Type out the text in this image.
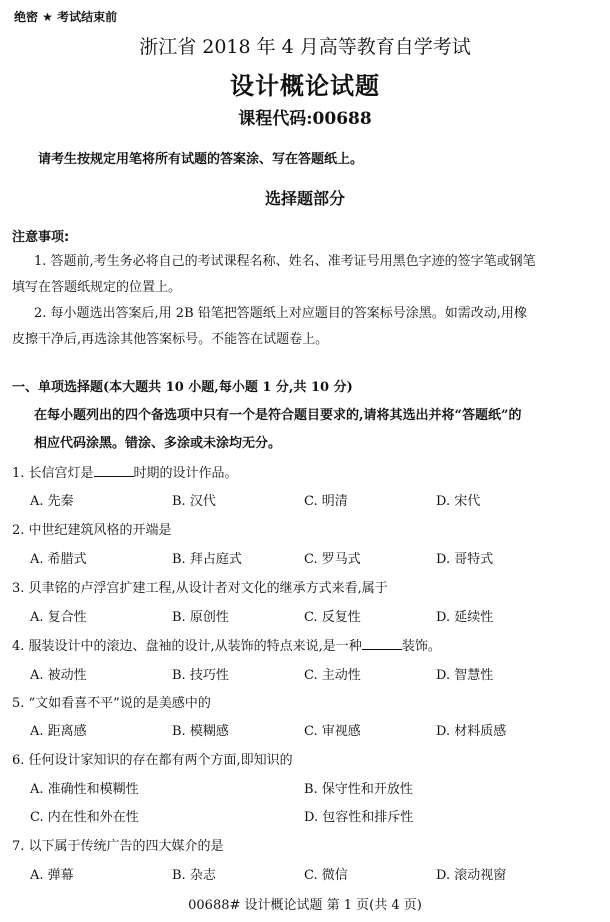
绝密 ★ 考试结束前
浙江省 2018 年 4 月高等教育自学考试
设计概论试题
课程代码:00688
请考生按规定用笔将所有试题的答案涂、写在答题纸上。
选择题部分
注意事项:
1. 答题前,考生务必将自己的考试课程名称、姓名、准考证号用黑色字迹的签字笔或钢笔
填写在答题纸规定的位置上。
2. 每小题选出答案后,用 2B 铅笔把答题纸上对应题目的答案标号涂黑。如需改动,用橡
皮擦干净后,再选涂其他答案标号。不能答在试题卷上。
一、单项选择题(本大题共 10 小题,每小题 1 分,共 10 分)
在每小题列出的四个备选项中只有一个是符合题目要求的,请将其选出并将“答题纸”的
相应代码涂黑。错涂、多涂或未涂均无分。
1. 长信宫灯是	时期的设计作品。
A. 先秦	B. 汉代	C. 明清	D. 宋代
2. 中世纪建筑风格的开端是
A. 希腊式	B. 拜占庭式	C. 罗马式	D. 哥特式
3. 贝聿铭的卢浮宫扩建工程,从设计者对文化的继承方式来看,属于
A. 复合性	B. 原创性	C. 反复性	D. 延续性
4. 服装设计中的滚边、盘袖的设计,从装饰的特点来说,是一种	装饰。
A. 被动性	B. 技巧性	C. 主动性	D. 智慧性
5. “文如看喜不平”说的是美感中的
A. 距离感	B. 模糊感	C. 审视感	D. 材料质感
6. 任何设计家知识的存在都有两个方面,即知识的
A. 准确性和模糊性	B. 保守性和开放性
C. 内在性和外在性	D. 包容性和排斥性
7. 以下属于传统广告的四大媒介的是
A. 弹幕	B. 杂志	C. 微信	D. 滚动视窗
00688# 设计概论试题 第 1 页(共 4 页)
